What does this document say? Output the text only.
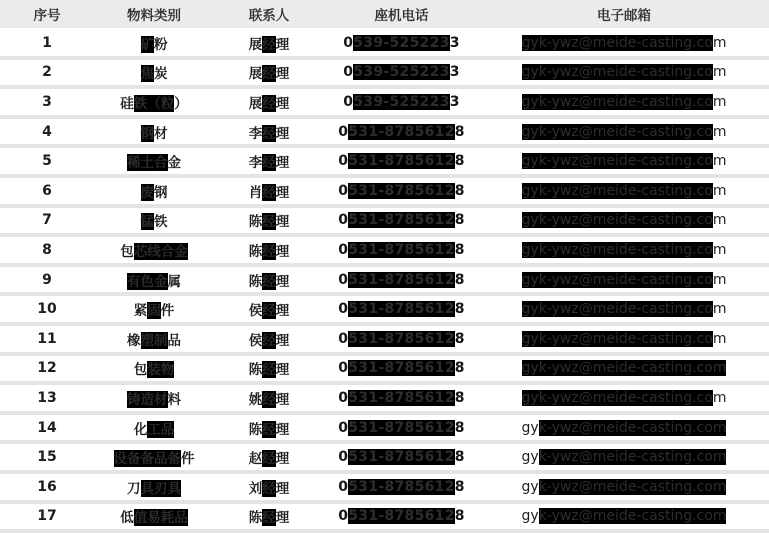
序号	物料类别	联系人	座机电话	电子邮箱
1	矿粉	展经理	0539-5252233	gyk-ywz@meide-casting.com
2	焦炭	展经理	0539-5252233	gyk-ywz@meide-casting.com
3	硅铁（粒）	展经理	0539-5252233	gyk-ywz@meide-casting.com
4	钢材	李经理	0531-87856128	gyk-ywz@meide-casting.com
5	稀土合金	李经理	0531-87856128	gyk-ywz@meide-casting.com
6	废钢	肖经理	0531-87856128	gyk-ywz@meide-casting.com
7	锰铁	陈经理	0531-87856128	gyk-ywz@meide-casting.com
8	包芯线合金	陈经理	0531-87856128	gyk-ywz@meide-casting.com
9	有色金属	陈经理	0531-87856128	gyk-ywz@meide-casting.com
10	紧固件	侯经理	0531-87856128	gyk-ywz@meide-casting.com
11	橡塑制品	侯经理	0531-87856128	gyk-ywz@meide-casting.com
12	包装物	陈经理	0531-87856128	gyk-ywz@meide-casting.com
13	铸造材料	姚经理	0531-87856128	gyk-ywz@meide-casting.com
14	化工品	陈经理	0531-87856128	gyk-ywz@meide-casting.com
15	设备备品备件	赵经理	0531-87856128	gyk-ywz@meide-casting.com
16	刀具刃具	刘经理	0531-87856128	gyk-ywz@meide-casting.com
17	低值易耗品	陈经理	0531-87856128	gyk-ywz@meide-casting.com
